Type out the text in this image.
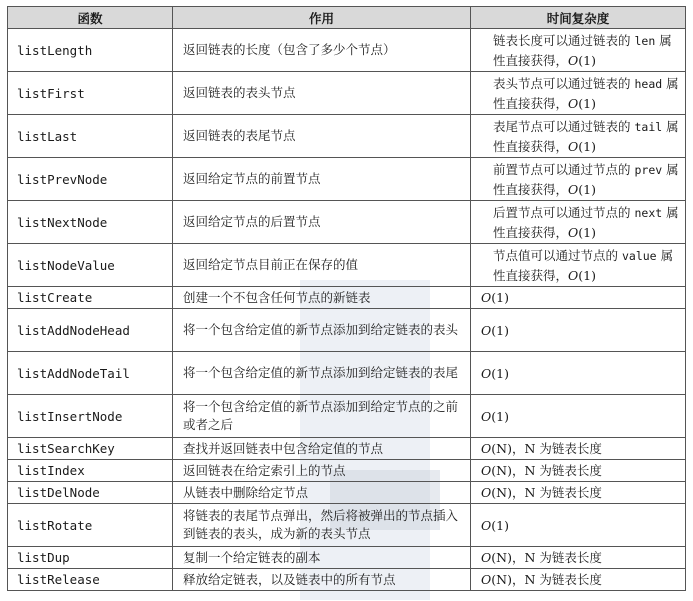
函数	作用	时间复杂度
listLength	返回链表的长度（包含了多少个节点）	链表长度可以通过链表的 len 属性直接获得，O(1)
listFirst	返回链表的表头节点	表头节点可以通过链表的 head 属性直接获得，O(1)
listLast	返回链表的表尾节点	表尾节点可以通过链表的 tail 属性直接获得，O(1)
listPrevNode	返回给定节点的前置节点	前置节点可以通过节点的 prev 属性直接获得，O(1)
listNextNode	返回给定节点的后置节点	后置节点可以通过节点的 next 属性直接获得，O(1)
listNodeValue	返回给定节点目前正在保存的值	节点值可以通过节点的 value 属性直接获得，O(1)
listCreate	创建一个不包含任何节点的新链表	O(1)
listAddNodeHead	将一个包含给定值的新节点添加到给定链表的表头	O(1)
listAddNodeTail	将一个包含给定值的新节点添加到给定链表的表尾	O(1)
listInsertNode	将一个包含给定值的新节点添加到给定节点的之前或者之后	O(1)
listSearchKey	查找并返回链表中包含给定值的节点	O(N)，N 为链表长度
listIndex	返回链表在给定索引上的节点	O(N)，N 为链表长度
listDelNode	从链表中删除给定节点	O(N)，N 为链表长度
listRotate	将链表的表尾节点弹出，然后将被弹出的节点插入到链表的表头，成为新的表头节点	O(1)
listDup	复制一个给定链表的副本	O(N)，N 为链表长度
listRelease	释放给定链表，以及链表中的所有节点	O(N)，N 为链表长度
